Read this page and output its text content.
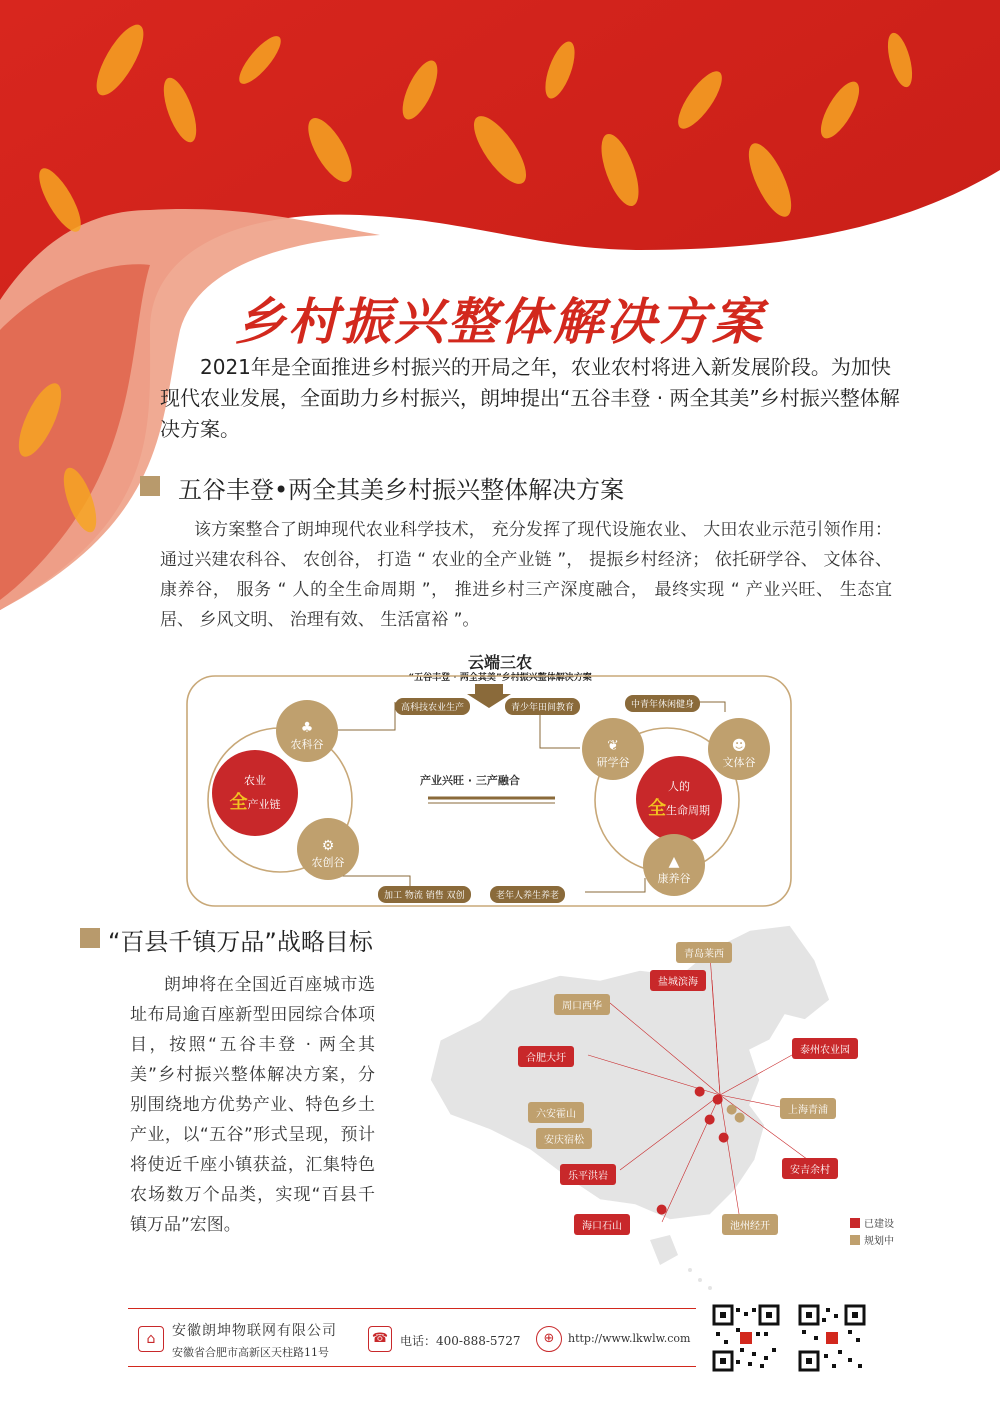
乡村振兴整体解决方案
2021年是全面推进乡村振兴的开局之年，农业农村将进入新发展阶段。为加快现代农业发展，全面助力乡村振兴，朗坤提出“五谷丰登 · 两全其美”乡村振兴整体解决方案。
五谷丰登•两全其美乡村振兴整体解决方案
该方案整合了朗坤现代农业科学技术， 充分发挥了现代设施农业、 大田农业示范引领作用： 通过兴建农科谷、 农创谷， 打造 “ 农业的全产业链 ”， 提振乡村经济； 依托研学谷、 文体谷、 康养谷， 服务 “ 人的全生命周期 ”， 推进乡村三产深度融合， 最终实现 “ 产业兴旺、 生态宜居、 乡风文明、 治理有效、 生活富裕 ”。
云端三农
“五谷丰登 · 两全其美”乡村振兴整体解决方案
农业
全产业链
人的
全生命周期
♣
农科谷
⚙
农创谷
❦
研学谷
☻
文体谷
▲
康养谷
产业兴旺 · 三产融合
高科技农业生产	青少年田间教育	中青年休闲健身
加工 物流 销售 双创	老年人养生养老
“百县千镇万品”战略目标
朗坤将在全国近百座城市选址布局逾百座新型田园综合体项目，按照“五谷丰登 · 两全其美”乡村振兴整体解决方案，分别围绕地方优势产业、特色乡土产业，以“五谷”形式呈现，预计将使近千座小镇获益，汇集特色农场数万个品类，实现“百县千镇万品”宏图。
青岛莱西
盐城滨海
周口西华
合肥大圩
泰州农业园
六安霍山	上海青浦
安庆宿松
安吉余村
乐平洪岩
海口石山	池州经开
●
●
●
● ●
●
●
已建设
规划中
⌂	安徽朗坤物联网有限公司
安徽省合肥市高新区天柱路11号
☎ 电话：400-888-5727	⊕	http://www.lkwlw.com
